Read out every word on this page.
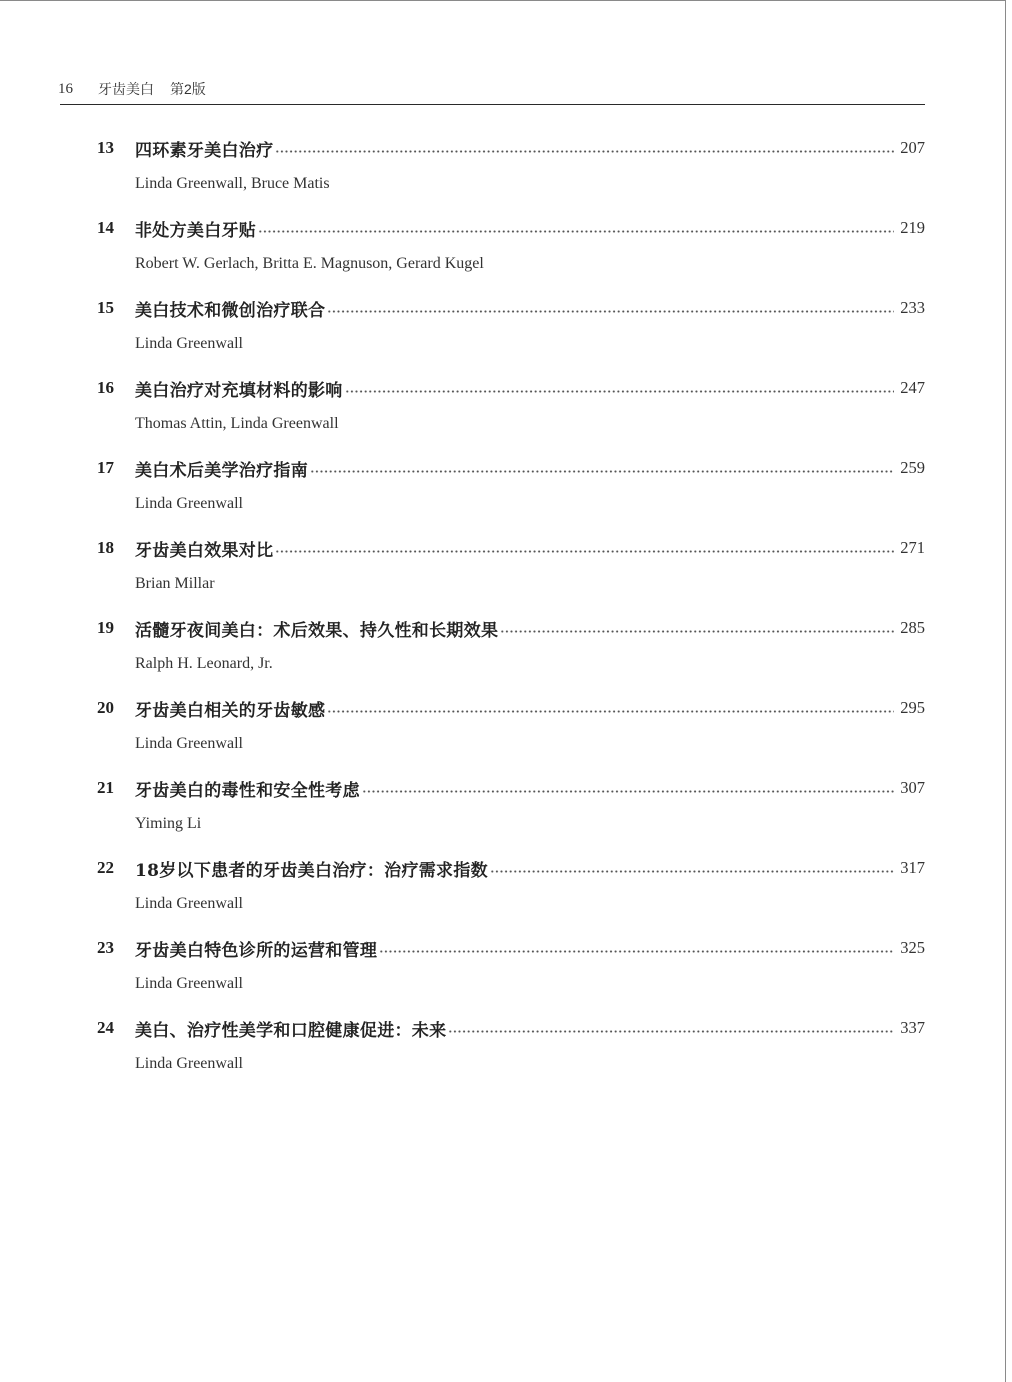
16	牙齿美白 第2版
13	四环素牙美白治疗	207
Linda Greenwall, Bruce Matis
14	非处方美白牙贴	219
Robert W. Gerlach, Britta E. Magnuson, Gerard Kugel
15	美白技术和微创治疗联合	233
Linda Greenwall
16	美白治疗对充填材料的影响	247
Thomas Attin, Linda Greenwall
17	美白术后美学治疗指南	259
Linda Greenwall
18	牙齿美白效果对比	271
Brian Millar
19	活髓牙夜间美白：术后效果、持久性和长期效果	285
Ralph H. Leonard, Jr.
20	牙齿美白相关的牙齿敏感	295
Linda Greenwall
21	牙齿美白的毒性和安全性考虑	307
Yiming Li
22	18岁以下患者的牙齿美白治疗：治疗需求指数	317
Linda Greenwall
23	牙齿美白特色诊所的运营和管理	325
Linda Greenwall
24	美白、治疗性美学和口腔健康促进：未来	337
Linda Greenwall
